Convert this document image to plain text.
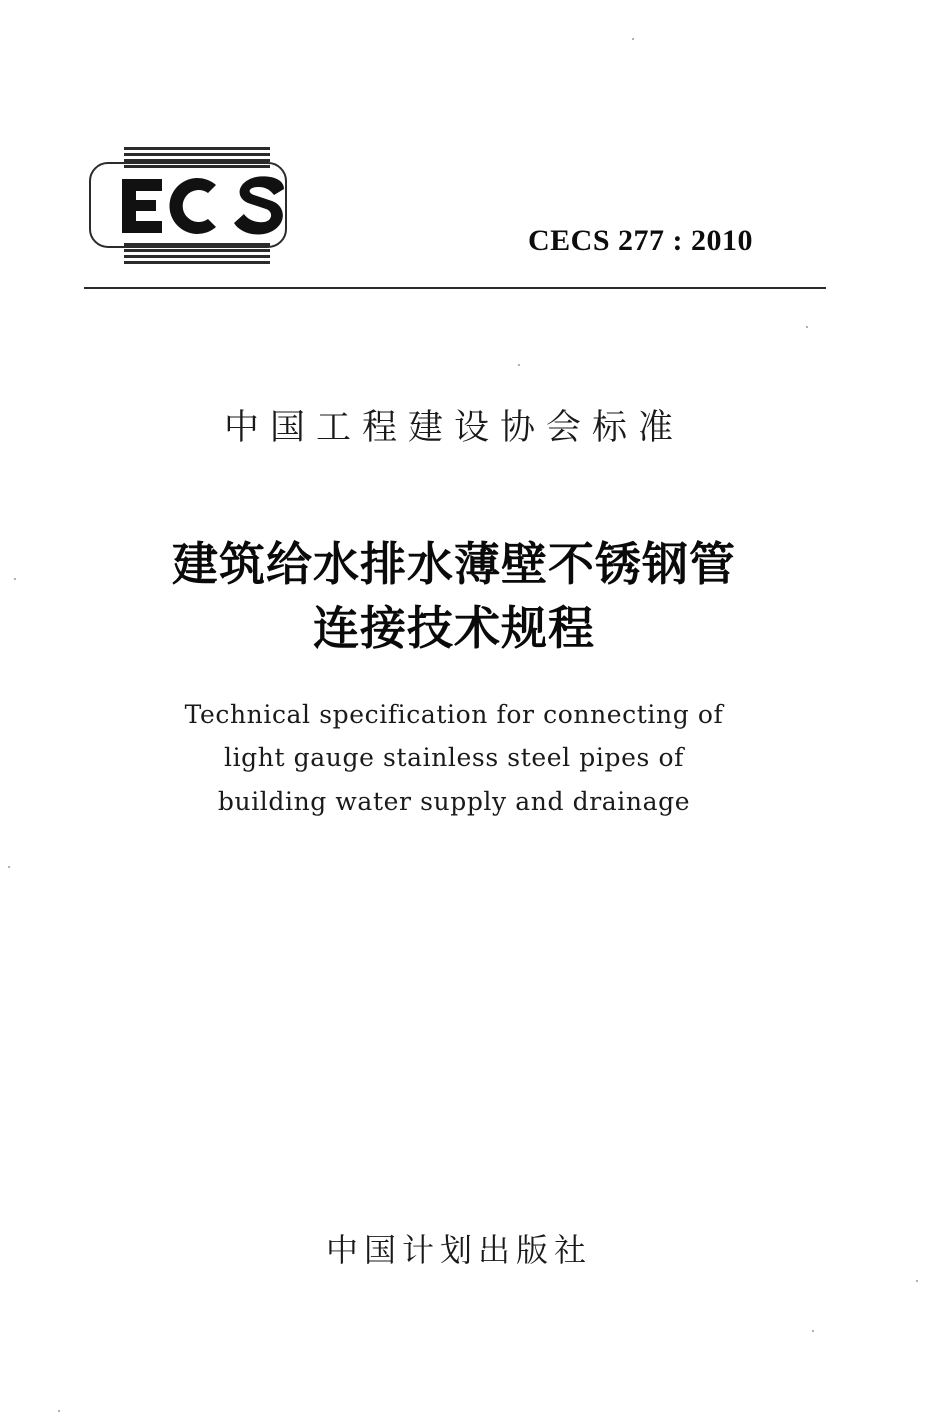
CECS 277 : 2010
中国工程建设协会标准
建筑给水排水薄壁不锈钢管
连接技术规程
Technical specification for connecting of
light gauge stainless steel pipes of
building water supply and drainage
中国计划出版社
